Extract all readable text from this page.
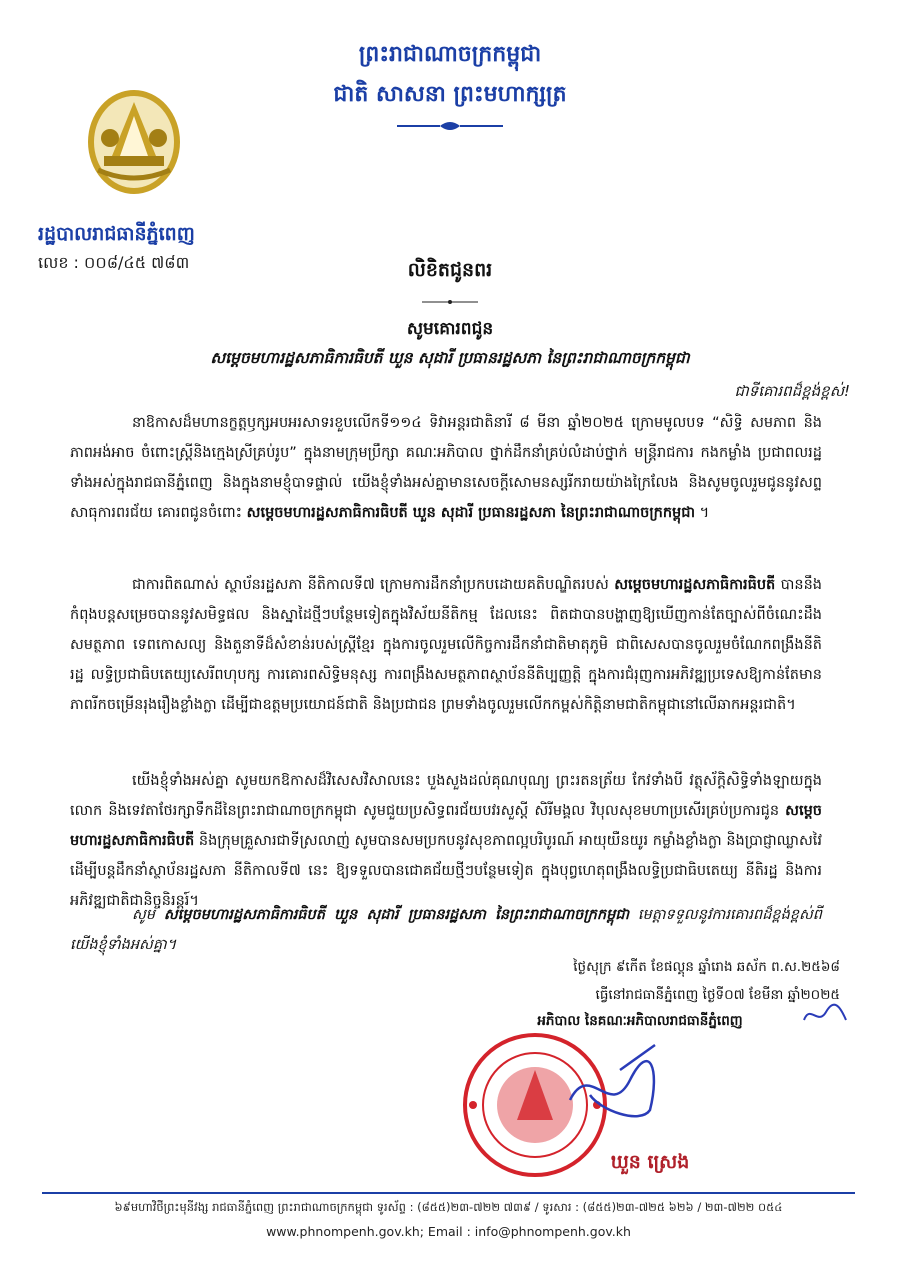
ព្រះរាជាណាចក្រកម្ពុជា
ជាតិ សាសនា ព្រះមហាក្សត្រ
រដ្ឋបាលរាជធានីភ្នំពេញ
លេខ : ០០៨/៤៥ ៧៨៣	លិខិតជូនពរ
សូមគោរពជូន
សម្តេចមហារដ្ឋសភាធិការធិបតី ឃួន សុដារី ប្រធានរដ្ឋសភា នៃព្រះរាជាណាចក្រកម្ពុជា
ជាទីគោរពដ៏ខ្ពង់ខ្ពស់!
នាឱកាសដ៏មហានក្ខត្តឫក្សអបអរសាទរខួបលើកទី១១៤ ទិវាអន្តរជាតិនារី ៨ មីនា ឆ្នាំ២០២៥ ក្រោមមូលបទ “សិទ្ធិ សមភាព និងភាពអង់អាច ចំពោះស្ត្រីនិងក្មេងស្រីគ្រប់រូប” ក្នុងនាមក្រុមប្រឹក្សា គណៈអភិបាល ថ្នាក់ដឹកនាំគ្រប់លំដាប់ថ្នាក់ មន្ត្រីរាជការ កងកម្លាំង ប្រជាពលរដ្ឋទាំងអស់ក្នុងរាជធានីភ្នំពេញ និងក្នុងនាមខ្ញុំបាទផ្ទាល់ យើងខ្ញុំទាំងអស់គ្នាមានសេចក្តីសោមនស្សរីករាយយ៉ាងក្រៃលែង និងសូមចូលរួមជូននូវសព្ទសាធុការពរជ័យ គោរពជូនចំពោះ សម្តេចមហារដ្ឋសភាធិការធិបតី ឃួន សុដារី ប្រធានរដ្ឋសភា នៃព្រះរាជាណាចក្រកម្ពុជា ។
ជាការពិតណាស់ ស្ថាប័នរដ្ឋសភា នីតិកាលទី៧ ក្រោមការដឹកនាំប្រកបដោយគតិបណ្ឌិតរបស់ សម្តេចមហារដ្ឋសភាធិការធិបតី បាននឹងកំពុងបន្តសម្រេចបាននូវសមិទ្ធផល និងស្នាដៃថ្មីៗបន្ថែមទៀតក្នុងវិស័យនីតិកម្ម ដែលនេះ ពិតជាបានបង្ហាញឱ្យឃើញកាន់តែច្បាស់ពីចំណេះដឹង សមត្ថភាព ទេពកោសល្យ និងតួនាទីដ៏សំខាន់របស់ស្ត្រីខ្មែរ ក្នុងការចូលរួមលើកិច្ចការដឹកនាំជាតិមាតុភូមិ ជាពិសេសបានចូលរួមចំណែកពង្រឹងនីតិរដ្ឋ លទ្ធិប្រជាធិបតេយ្យសេរីពហុបក្ស ការគោរពសិទ្ធិមនុស្ស ការពង្រឹងសមត្ថភាពស្ថាប័ននីតិប្បញ្ញត្តិ ក្នុងការជំរុញការអភិវឌ្ឍប្រទេសឱ្យកាន់តែមានភាពរីកចម្រើនរុងរឿងខ្លាំងក្លា ដើម្បីជាឧត្តមប្រយោជន៍ជាតិ និងប្រជាជន ព្រមទាំងចូលរួមលើកកម្ពស់កិត្តិនាមជាតិកម្ពុជានៅលើឆាកអន្តរជាតិ។
យើងខ្ញុំទាំងអស់គ្នា សូមយកឱកាសដ៏វិសេសវិសាលនេះ បួងសួងដល់គុណបុណ្យ ព្រះរតនត្រ័យ កែវទាំងបី វត្ថុស័ក្តិសិទ្ធិទាំងឡាយក្នុងលោក និងទេវតាថែរក្សាទឹកដីនៃព្រះរាជាណាចក្រកម្ពុជា សូមជួយប្រសិទ្ធពរជ័យបវរសួស្តី សិរីមង្គល វិបុលសុខមហាប្រសើរគ្រប់ប្រការជូន សម្តេចមហារដ្ឋសភាធិការធិបតី និងក្រុមគ្រួសារជាទីស្រលាញ់ សូមបានសមប្រកបនូវសុខភាពល្អបរិបូរណ៍ អាយុយឺនយូរ កម្លាំងខ្លាំងក្លា និងប្រាជ្ញាឈ្លាសវៃ ដើម្បីបន្តដឹកនាំស្ថាប័នរដ្ឋសភា នីតិកាលទី៧ នេះ ឱ្យទទួលបានជោគជ័យថ្មីៗបន្ថែមទៀត ក្នុងបុព្វហេតុពង្រឹងលទ្ធិប្រជាធិបតេយ្យ នីតិរដ្ឋ និងការអភិវឌ្ឍជាតិជានិច្ចនិរន្តរ៍។
សូម សម្តេចមហារដ្ឋសភាធិការធិបតី ឃួន សុដារី ប្រធានរដ្ឋសភា នៃព្រះរាជាណាចក្រកម្ពុជា មេត្តាទទួលនូវការគោរពដ៏ខ្ពង់ខ្ពស់ពីយើងខ្ញុំទាំងអស់គ្នា។
ថ្ងៃសុក្រ ៩កើត ខែផល្គុន ឆ្នាំរោង ឆស័ក ព.ស.២៥៦៨
ធ្វើនៅរាជធានីភ្នំពេញ ថ្ងៃទី០៧ ខែមីនា ឆ្នាំ២០២៥
អភិបាល នៃគណៈអភិបាលរាជធានីភ្នំពេញ
ឃួន ស្រេង
៦៩មហាវិថីព្រះមុនីវង្ស រាជធានីភ្នំពេញ ព្រះរាជាណាចក្រកម្ពុជា ទូរស័ព្ទ : (៨៥៥)២៣-៧២២ ៧៣៩ / ទូរសារ : (៨៥៥)២៣-៧២៥ ៦២៦ / ២៣-៧២២ ០៥៤
www.phnompenh.gov.kh; Email : info@phnompenh.gov.kh
